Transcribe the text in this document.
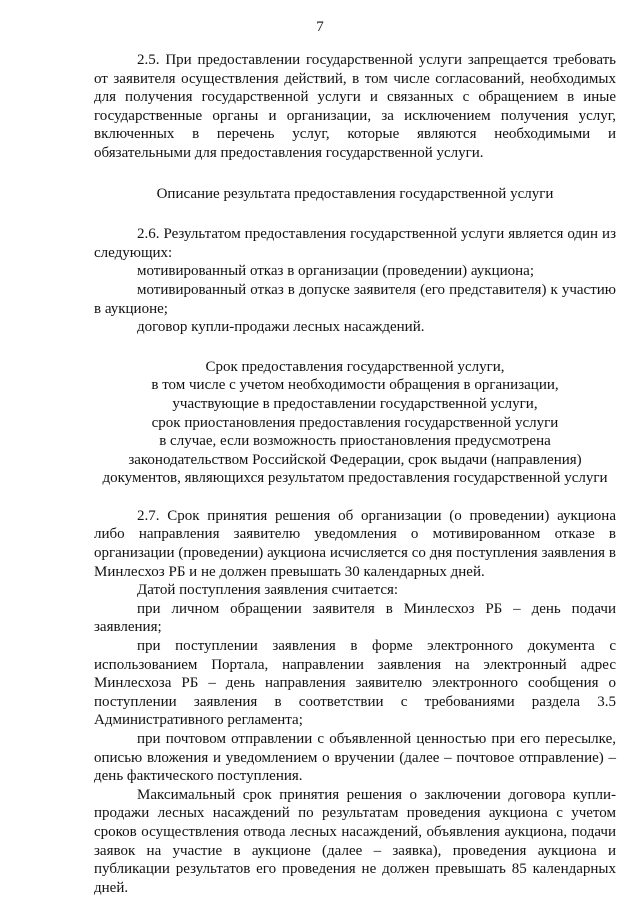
7

2.5. При предоставлении государственной услуги запрещается требовать от заявителя осуществления действий, в том числе согласований, необходимых для получения государственной услуги и связанных с обращением в иные государственные органы и организации, за исключением получения услуг, включенных в перечень услуг, которые являются необходимыми и обязательными для предоставления государственной услуги.

Описание результата предоставления государственной услуги

2.6. Результатом предоставления государственной услуги является один из следующих:

мотивированный отказ в организации (проведении) аукциона;

мотивированный отказ в допуске заявителя (его представителя) к участию в аукционе;

договор купли-продажи лесных насаждений.

Срок предоставления государственной услуги,
в том числе с учетом необходимости обращения в организации,
участвующие в предоставлении государственной услуги,
срок приостановления предоставления государственной услуги
в случае, если возможность приостановления предусмотрена
законодательством Российской Федерации, срок выдачи (направления)
документов, являющихся результатом предоставления государственной услуги

2.7. Срок принятия решения об организации (о проведении) аукциона либо направления заявителю уведомления о мотивированном отказе в организации (проведении) аукциона исчисляется со дня поступления заявления в Минлесхоз РБ и не должен превышать 30 календарных дней.

Датой поступления заявления считается:

при личном обращении заявителя в Минлесхоз РБ – день подачи заявления;

при поступлении заявления в форме электронного документа с использованием Портала, направлении заявления на электронный адрес Минлесхоза РБ – день направления заявителю электронного сообщения о поступлении заявления в соответствии с требованиями раздела 3.5 Административного регламента;

при почтовом отправлении с объявленной ценностью при его пересылке, описью вложения и уведомлением о вручении (далее – почтовое отправление) – день фактического поступления.

Максимальный срок принятия решения о заключении договора купли-продажи лесных насаждений по результатам проведения аукциона с учетом сроков осуществления отвода лесных насаждений, объявления аукциона, подачи заявок на участие в аукционе (далее – заявка), проведения аукциона и публикации результатов его проведения не должен превышать 85 календарных дней.
